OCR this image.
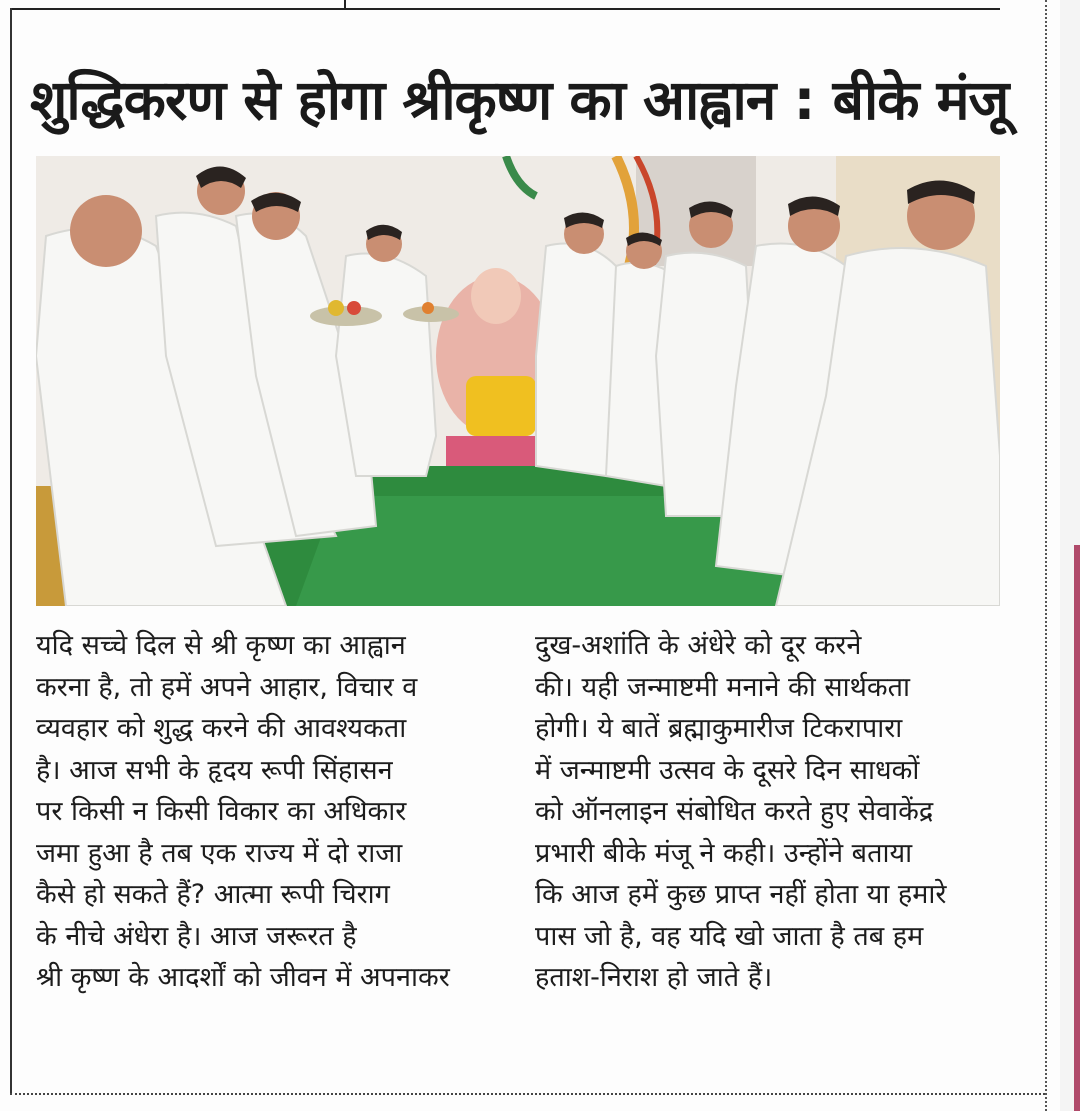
शुद्धिकरण से होगा श्रीकृष्ण का आह्वान : बीके मंजू
यदि सच्चे दिल से श्री कृष्ण का आह्वान
करना है, तो हमें अपने आहार, विचार व
व्यवहार को शुद्ध करने की आवश्यकता
है। आज सभी के हृदय रूपी सिंहासन
पर किसी न किसी विकार का अधिकार
जमा हुआ है तब एक राज्य में दो राजा
कैसे हो सकते हैं? आत्मा रूपी चिराग
के नीचे अंधेरा है। आज जरूरत है
श्री कृष्ण के आदर्शों को जीवन में अपनाकर
दुख-अशांति के अंधेरे को दूर करने
की। यही जन्माष्टमी मनाने की सार्थकता
होगी। ये बातें ब्रह्माकुमारीज टिकरापारा
में जन्माष्टमी उत्सव के दूसरे दिन साधकों
को ऑनलाइन संबोधित करते हुए सेवाकेंद्र
प्रभारी बीके मंजू ने कही। उन्होंने बताया
कि आज हमें कुछ प्राप्त नहीं होता या हमारे
पास जो है, वह यदि खो जाता है तब हम
हताश-निराश हो जाते हैं।
